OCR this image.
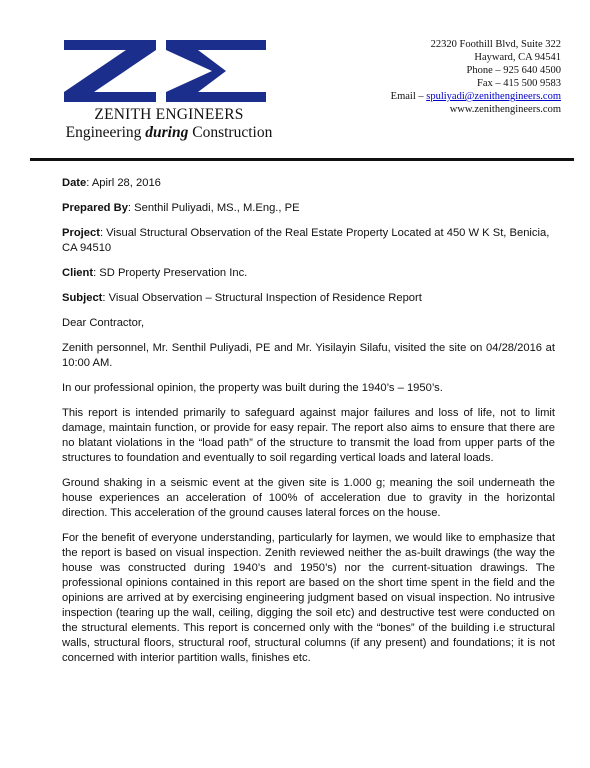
ZENITH ENGINEERS
Engineering during Construction
22320 Foothill Blvd, Suite 322
Hayward, CA 94541
Phone – 925 640 4500
Fax – 415 500 9583
Email – spuliyadi@zenithengineers.com
www.zenithengineers.com

Date: Apirl 28, 2016

Prepared By: Senthil Puliyadi, MS., M.Eng., PE

Project: Visual Structural Observation of the Real Estate Property Located at 450 W K St, Benicia, CA 94510

Client: SD Property Preservation Inc.

Subject: Visual Observation – Structural Inspection of Residence Report

Dear Contractor,

Zenith personnel, Mr. Senthil Puliyadi, PE and Mr. Yisilayin Silafu, visited the site on 04/28/2016 at 10:00 AM.

In our professional opinion, the property was built during the 1940’s – 1950’s.

This report is intended primarily to safeguard against major failures and loss of life, not to limit damage, maintain function, or provide for easy repair. The report also aims to ensure that there are no blatant violations in the “load path” of the structure to transmit the load from upper parts of the structures to foundation and eventually to soil regarding vertical loads and lateral loads.

Ground shaking in a seismic event at the given site is 1.000 g; meaning the soil underneath the house experiences an acceleration of 100% of acceleration due to gravity in the horizontal direction. This acceleration of the ground causes lateral forces on the house.

For the benefit of everyone understanding, particularly for laymen, we would like to emphasize that the report is based on visual inspection. Zenith reviewed neither the as-built drawings (the way the house was constructed during 1940’s and 1950’s) nor the current-situation drawings. The professional opinions contained in this report are based on the short time spent in the field and the opinions are arrived at by exercising engineering judgment based on visual inspection. No intrusive inspection (tearing up the wall, ceiling, digging the soil etc) and destructive test were conducted on the structural elements. This report is concerned only with the “bones” of the building i.e structural walls, structural floors, structural roof, structural columns (if any present) and foundations; it is not concerned with interior partition walls, finishes etc.
